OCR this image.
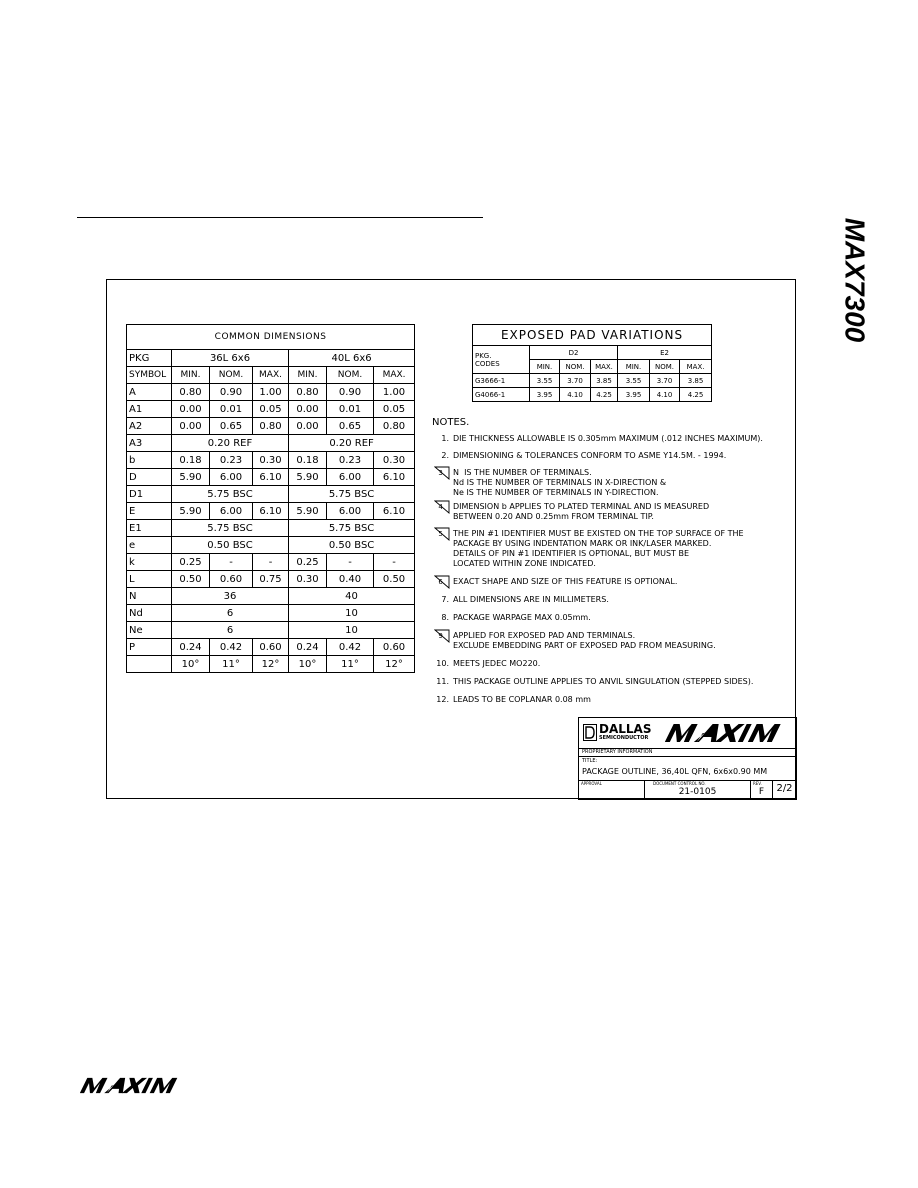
MAX7300
COMMON DIMENSIONS						
PKG	36L 6x6			40L 6x6		
SYMBOL	MIN.	NOM.	MAX.	MIN.	NOM.	MAX.
A	0.80	0.90	1.00	0.80	0.90	1.00
A1	0.00	0.01	0.05	0.00	0.01	0.05
A2	0.00	0.65	0.80	0.00	0.65	0.80
A3	0.20 REF			0.20 REF		
b	0.18	0.23	0.30	0.18	0.23	0.30
D	5.90	6.00	6.10	5.90	6.00	6.10
D1	5.75 BSC			5.75 BSC		
E	5.90	6.00	6.10	5.90	6.00	6.10
E1	5.75 BSC			5.75 BSC		
e	0.50 BSC			0.50 BSC		
k	0.25	-	-	0.25	-	-
L	0.50	0.60	0.75	0.30	0.40	0.50
N	36			40		
Nd	6			10		
Ne	6			10		
P	0.24	0.42	0.60	0.24	0.42	0.60
	10°	11°	12°	10°	11°	12°
EXPOSED PAD VARIATIONS						
PKG.
CODES	D2			E2		
	MIN.	NOM.	MAX.	MIN.	NOM.	MAX.
G3666-1	3.55	3.70	3.85	3.55	3.70	3.85
G4066-1	3.95	4.10	4.25	3.95	4.10	4.25
NOTES.
1. DIE THICKNESS ALLOWABLE IS 0.305mm MAXIMUM (.012 INCHES MAXIMUM).
2. DIMENSIONING & TOLERANCES CONFORM TO ASME Y14.5M. - 1994.
3. N  IS THE NUMBER OF TERMINALS.
Nd IS THE NUMBER OF TERMINALS IN X-DIRECTION &
Ne IS THE NUMBER OF TERMINALS IN Y-DIRECTION.
4. DIMENSION b APPLIES TO PLATED TERMINAL AND IS MEASURED
BETWEEN 0.20 AND 0.25mm FROM TERMINAL TIP.
5. THE PIN #1 IDENTIFIER MUST BE EXISTED ON THE TOP SURFACE OF THE
PACKAGE BY USING INDENTATION MARK OR INK/LASER MARKED.
DETAILS OF PIN #1 IDENTIFIER IS OPTIONAL, BUT MUST BE
LOCATED WITHIN ZONE INDICATED.
6. EXACT SHAPE AND SIZE OF THIS FEATURE IS OPTIONAL.
7. ALL DIMENSIONS ARE IN MILLIMETERS.
8. PACKAGE WARPAGE MAX 0.05mm.
9. APPLIED FOR EXPOSED PAD AND TERMINALS.
EXCLUDE EMBEDDING PART OF EXPOSED PAD FROM MEASURING.
10. MEETS JEDEC MO220.
11. THIS PACKAGE OUTLINE APPLIES TO ANVIL SINGULATION (STEPPED SIDES).
12. LEADS TO BE COPLANAR 0.08 mm
DALLAS
SEMICONDUCTOR
PROPRIETARY INFORMATION
TITLE:
PACKAGE OUTLINE, 36,40L QFN, 6x6x0.90 MM
APPROVAL	DOCUMENT CONTROL NO.
21-0105
REV.
F	2/2
